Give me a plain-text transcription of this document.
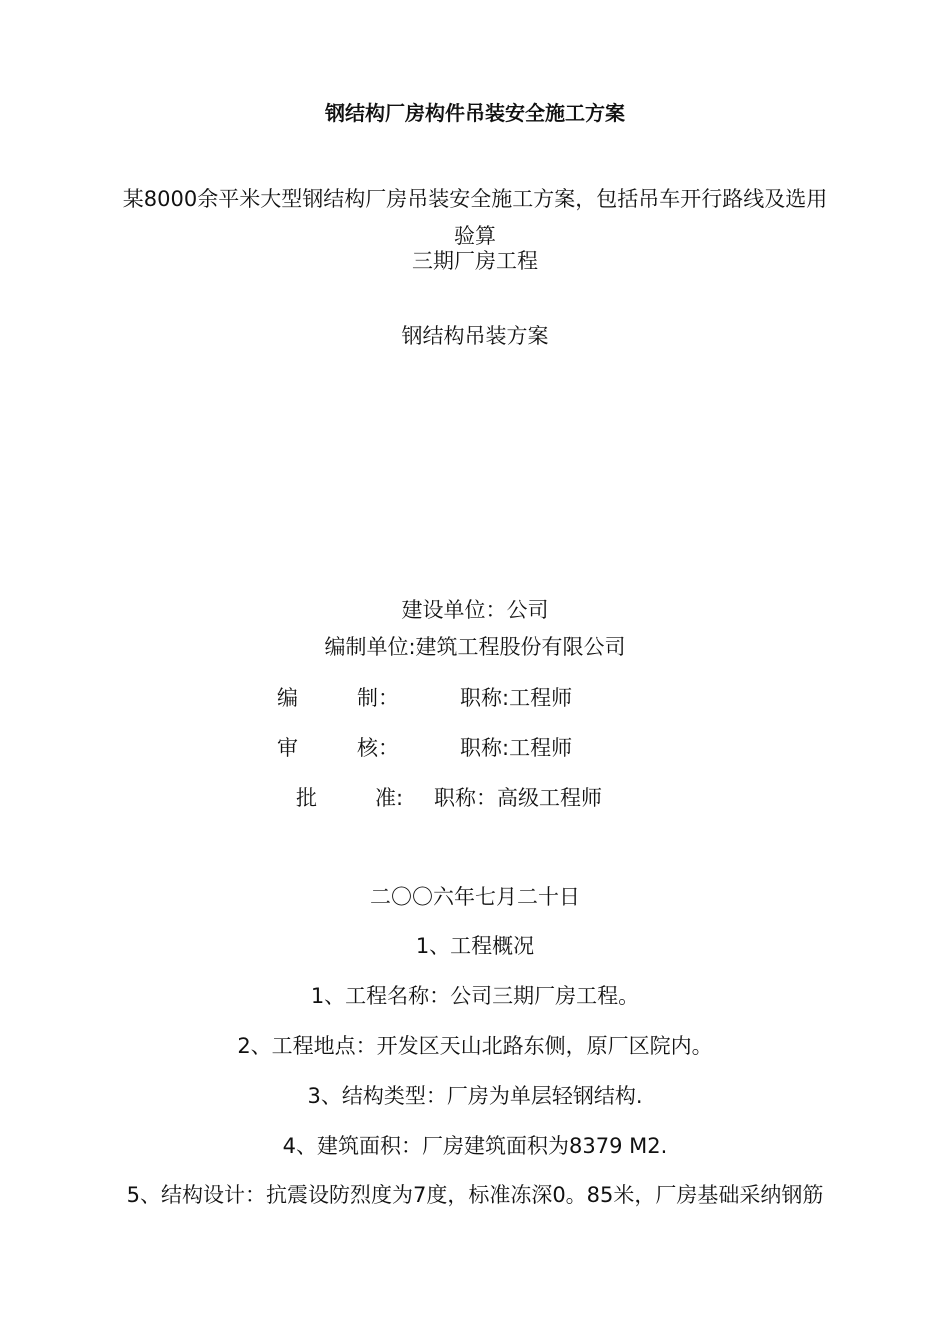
钢结构厂房构件吊装安全施工方案
某8000余平米大型钢结构厂房吊装安全施工方案，包括吊车开行路线及选用
验算
三期厂房工程
钢结构吊装方案
建设单位：公司
编制单位:建筑工程股份有限公司
编	制：	职称:工程师
审	核：	职称:工程师
批	准: 职称：高级工程师
二〇〇六年七月二十日
1、工程概况
1、工程名称：公司三期厂房工程。
2、工程地点：开发区天山北路东侧，原厂区院内。
3、结构类型：厂房为单层轻钢结构.
4、建筑面积：厂房建筑面积为8379 M2.
5、结构设计：抗震设防烈度为7度，标准冻深0。85米，厂房基础采纳钢筋
